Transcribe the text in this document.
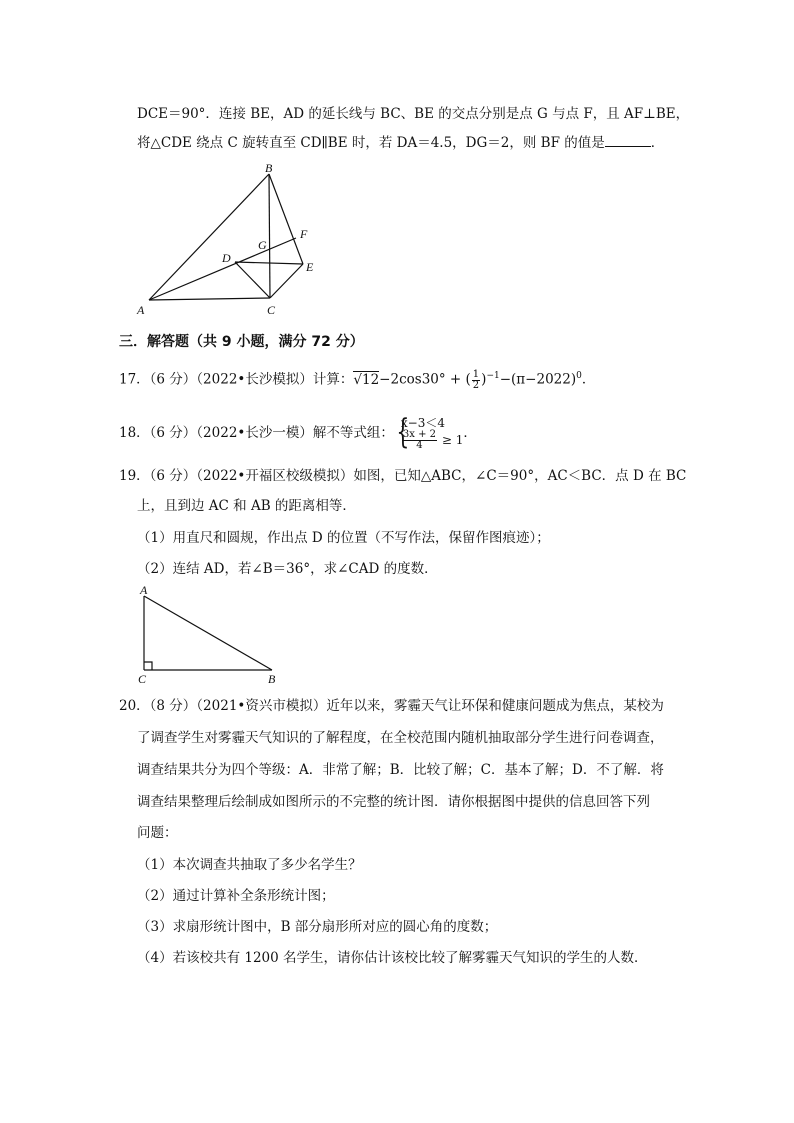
DCE＝90°．连接 BE，AD 的延长线与 BC、BE 的交点分别是点 G 与点 F，且 AF⊥BE，
将△CDE 绕点 C 旋转直至 CD∥BE 时，若 DA＝4.5，DG＝2，则 BF 的值是	．
B
F
G
D
E
A	C
三．解答题（共 9 小题，满分 72 分）
17．（6 分）（2022•长沙模拟）计算：√12−2cos30° + ( $\frac{1}{2} )^{-1}-(\pi-2022)^0$．
18．（6 分）（2022•长沙一模）解不等式组：
{ x−3＜4
$\frac{3x + 2}{4} \ge 1$ ．
19．（6 分）（2022•开福区校级模拟）如图，已知△ABC，∠C＝90°，AC＜BC．点 D 在 BC
上，且到边 AC 和 AB 的距离相等．
（1）用直尺和圆规，作出点 D 的位置（不写作法，保留作图痕迹）；
（2）连结 AD，若∠B＝36°，求∠CAD 的度数．
A
C	B
20．（8 分）（2021•资兴市模拟）近年以来，雾霾天气让环保和健康问题成为焦点，某校为
了调查学生对雾霾天气知识的了解程度，在全校范围内随机抽取部分学生进行问卷调查，
调查结果共分为四个等级：A．非常了解；B．比较了解；C．基本了解；D．不了解．将
调查结果整理后绘制成如图所示的不完整的统计图．请你根据图中提供的信息回答下列
问题：
（1）本次调查共抽取了多少名学生？
（2）通过计算补全条形统计图；
（3）求扇形统计图中，B 部分扇形所对应的圆心角的度数；
（4）若该校共有 1200 名学生，请你估计该校比较了解雾霾天气知识的学生的人数．
